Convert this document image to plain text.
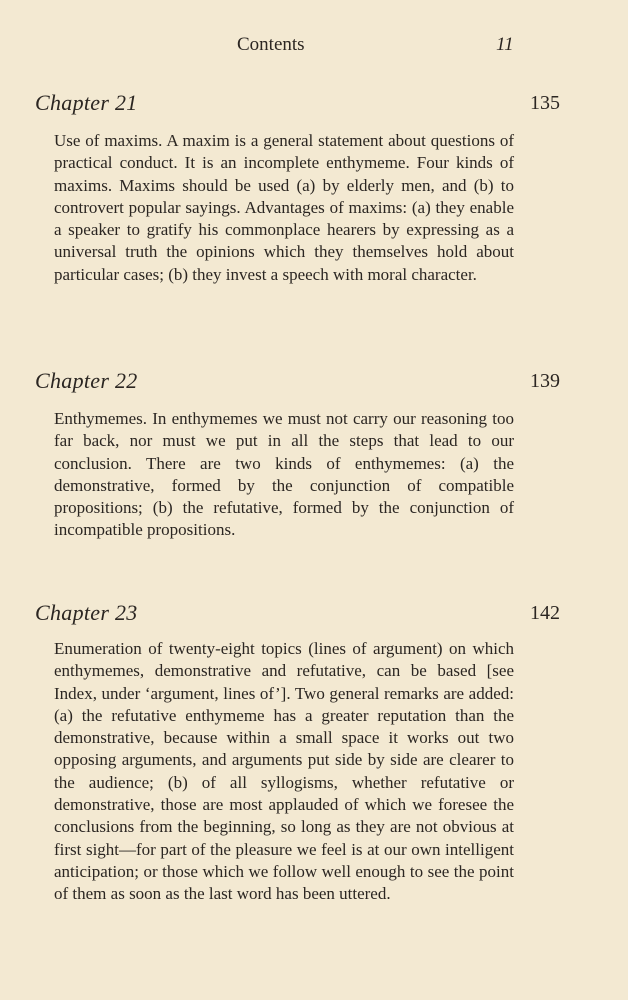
Contents	11
Chapter 21	135

Use of maxims. A maxim is a general statement about questions of practical conduct. It is an incomplete enthymeme. Four kinds of maxims. Maxims should be used (a) by elderly men, and (b) to controvert popular sayings. Advantages of maxims: (a) they enable a speaker to gratify his commonplace hearers by expressing as a universal truth the opinions which they themselves hold about particular cases; (b) they invest a speech with moral character.

Chapter 22	139

Enthymemes. In enthymemes we must not carry our reasoning too far back, nor must we put in all the steps that lead to our conclusion. There are two kinds of enthymemes: (a) the demonstrative, formed by the conjunction of compatible propositions; (b) the refutative, formed by the conjunction of incompatible propositions.

Chapter 23	142

Enumeration of twenty-eight topics (lines of argument) on which enthymemes, demonstrative and refutative, can be based [see Index, under ‘argument, lines of’]. Two general remarks are added: (a) the refutative enthymeme has a greater reputation than the demonstrative, because within a small space it works out two opposing arguments, and arguments put side by side are clearer to the audience; (b) of all syllogisms, whether refutative or demonstrative, those are most applauded of which we foresee the conclusions from the beginning, so long as they are not obvious at first sight—for part of the pleasure we feel is at our own intelligent anticipation; or those which we follow well enough to see the point of them as soon as the last word has been uttered.
